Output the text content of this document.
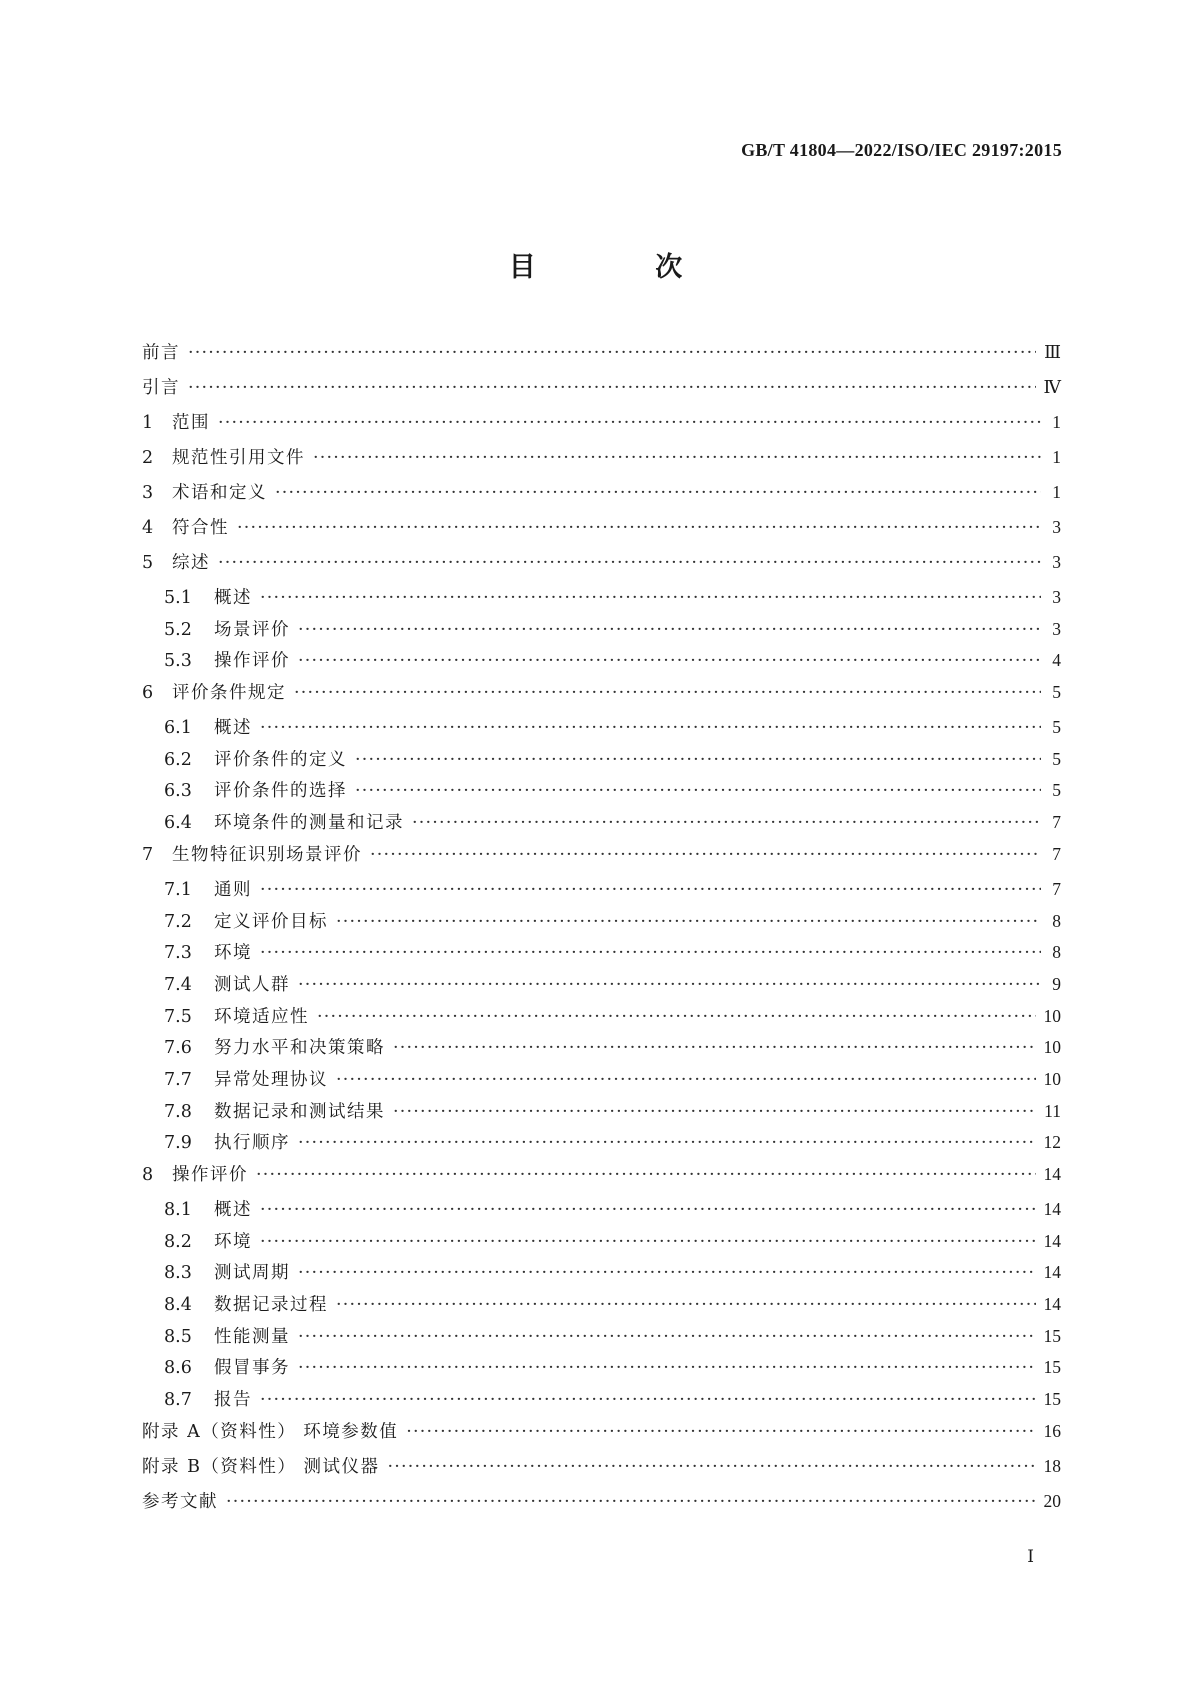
GB/T 41804—2022/ISO/IEC 29197:2015
目 次
前言 ·····	Ⅲ
引言 ·····	Ⅳ
1	范围 ·····	1
2	规范性引用文件 ·····	1
3	术语和定义 ·····	1
4	符合性 ·····	3
5	综述 ·····	3
5.1	概述 ·····	3
5.2	场景评价 ·····	3
5.3	操作评价 ·····	4
6	评价条件规定 ·····	5
6.1	概述 ·····	5
6.2	评价条件的定义 ·····	5
6.3	评价条件的选择 ·····	5
6.4	环境条件的测量和记录 ·····	7
7	生物特征识别场景评价 ·····	7
7.1	通则 ·····	7
7.2	定义评价目标 ·····	8
7.3	环境 ·····	8
7.4	测试人群 ·····	9
7.5	环境适应性 ·····	10
7.6	努力水平和决策策略 ·····	10
7.7	异常处理协议 ·····	10
7.8	数据记录和测试结果 ·····	11
7.9	执行顺序 ·····	12
8	操作评价 ·····	14
8.1	概述 ·····	14
8.2	环境 ·····	14
8.3	测试周期 ·····	14
8.4	数据记录过程 ·····	14
8.5	性能测量 ·····	15
8.6	假冒事务 ·····	15
8.7	报告 ·····	15
附录 A（资料性） 环境参数值 ·····	16
附录 B（资料性） 测试仪器 ·····	18
参考文献 ·····	20
Ⅰ
